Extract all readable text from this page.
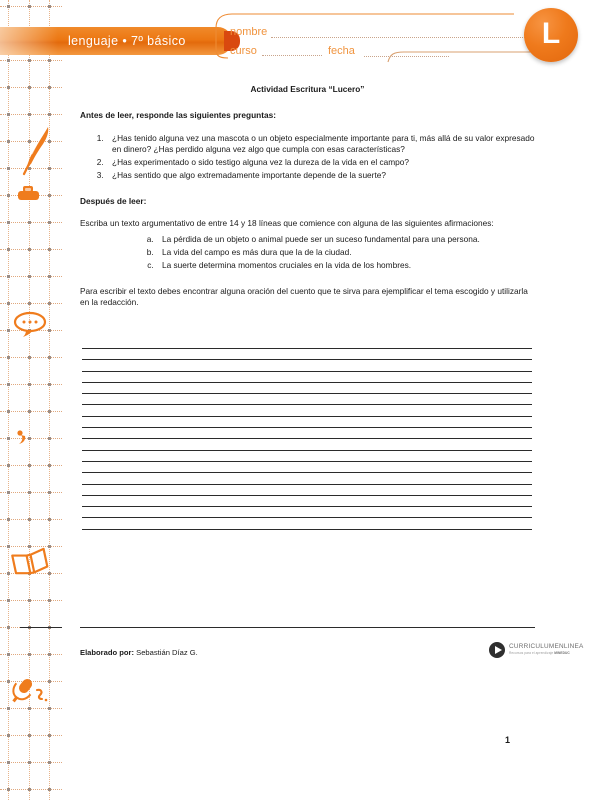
lenguaje • 7º básico
nombre
curso	fecha
L
Actividad Escritura “Lucero”
Antes de leer, responde las siguientes preguntas:
1. ¿Has tenido alguna vez una mascota o un objeto especialmente importante para ti, más allá de su valor expresado en dinero? ¿Has perdido alguna vez algo que cumpla con esas características?
2. ¿Has experimentado o sido testigo alguna vez la dureza de la vida en el campo?
3. ¿Has sentido que algo extremadamente importante depende de la suerte?
Después de leer:

Escriba un texto argumentativo de entre 14 y 18 líneas que comience con alguna de las siguientes afirmaciones:

a. La pérdida de un objeto o animal puede ser un suceso fundamental para una persona.
b. La vida del campo es más dura que la de la ciudad.
c. La suerte determina momentos cruciales en la vida de los hombres.

Para escribir el texto debes encontrar alguna oración del cuento que te sirva para ejemplificar el tema escogido y utilizarla en la redacción.

Elaborado por: Sebastián Díaz G.
CURRICULUMENLINEA
Recursos para el aprendizaje MINEDUC
1
